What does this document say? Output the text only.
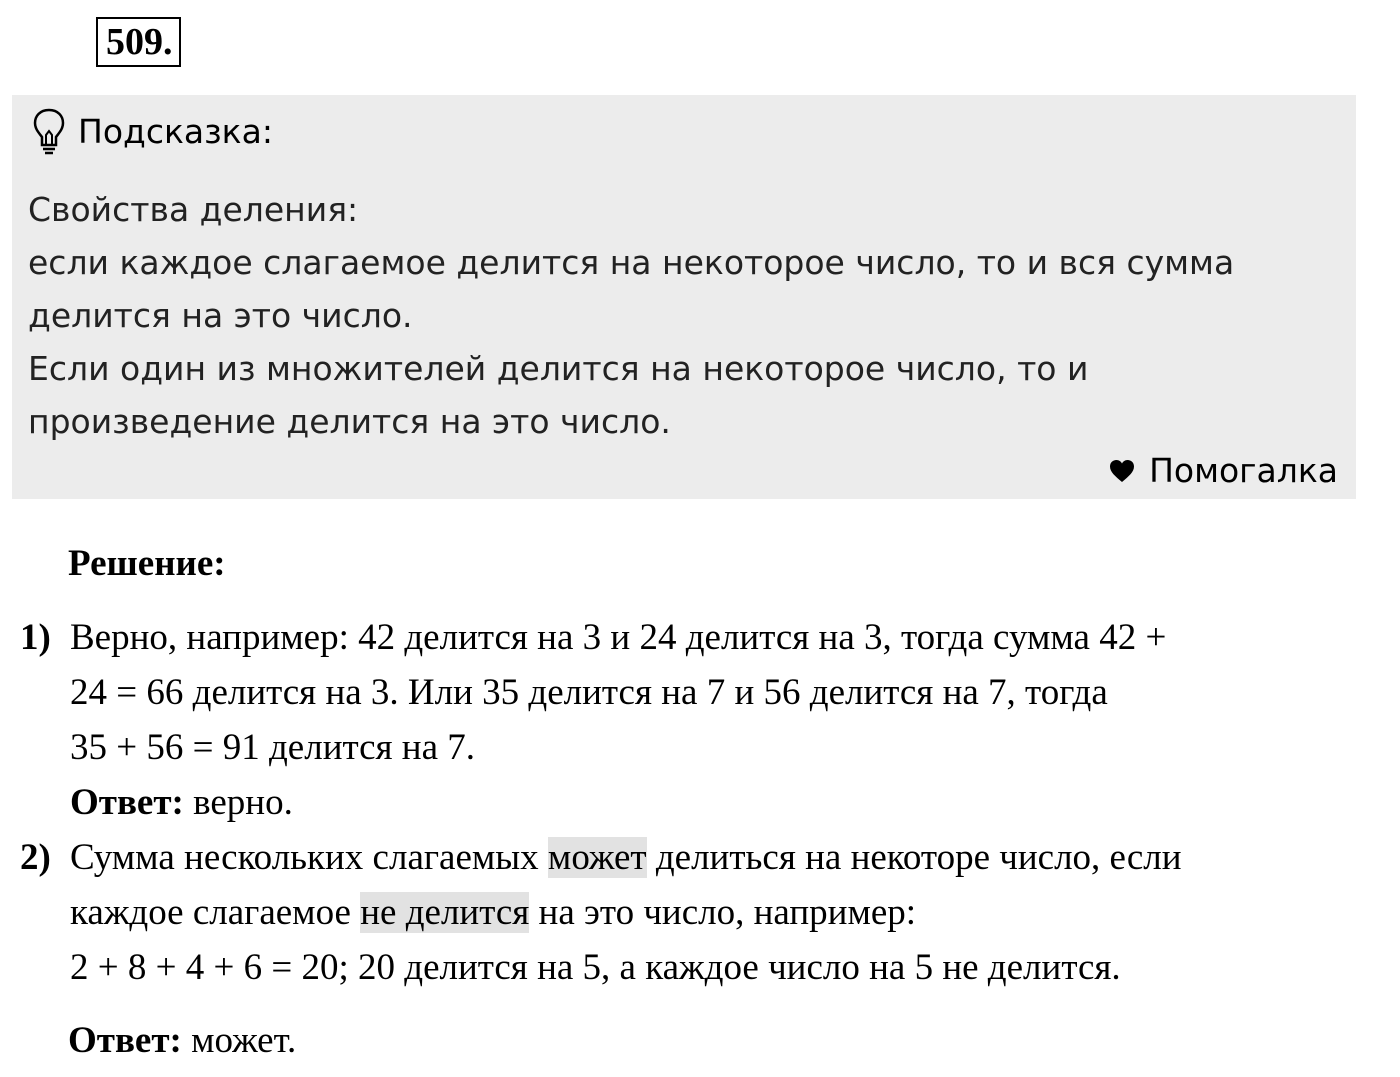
509.
Подсказка:
Свойства деления:
если каждое слагаемое делится на некоторое число, то и вся сумма
делится на это число.
Если один из множителей делится на некоторое число, то и
произведение делится на это число.
Помогалка
Решение:
1) Верно, например: 42 делится на 3 и 24 делится на 3, тогда сумма 42 +
24 = 66 делится на 3. Или 35 делится на 7 и 56 делится на 7, тогда
35 + 56 = 91 делится на 7.
Ответ: верно.
2) Сумма нескольких слагаемых может делиться на некоторе число, если
каждое слагаемое не делится на это число, например:
2 + 8 + 4 + 6 = 20; 20 делится на 5, а каждое число на 5 не делится.
Ответ: может.
